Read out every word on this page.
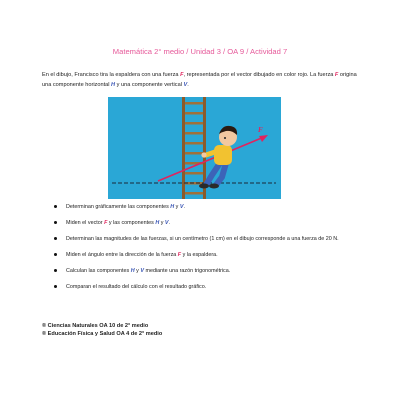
Matemática 2° medio / Unidad 3 / OA 9 / Actividad 7
En el dibujo, Francisco tira la espaldera con una fuerza F, representada por el vector dibujado en color rojo. La fuerza F origina una componente horizontal H y una componente vertical V.
F
Determinan gráficamente las componentes H y V.
Miden el vector F y las componentes H y V.
Determinan las magnitudes de las fuerzas, si un centímetro (1 cm) en el dibujo corresponde a una fuerza de 20 N.
Miden el ángulo entre la dirección de la fuerza F y la espaldera.
Calculan las componentes H y V mediante una razón trigonométrica.
Comparan el resultado del cálculo con el resultado gráfico.
® Ciencias Naturales OA 10 de 2° medio
® Educación Física y Salud OA 4 de 2° medio
